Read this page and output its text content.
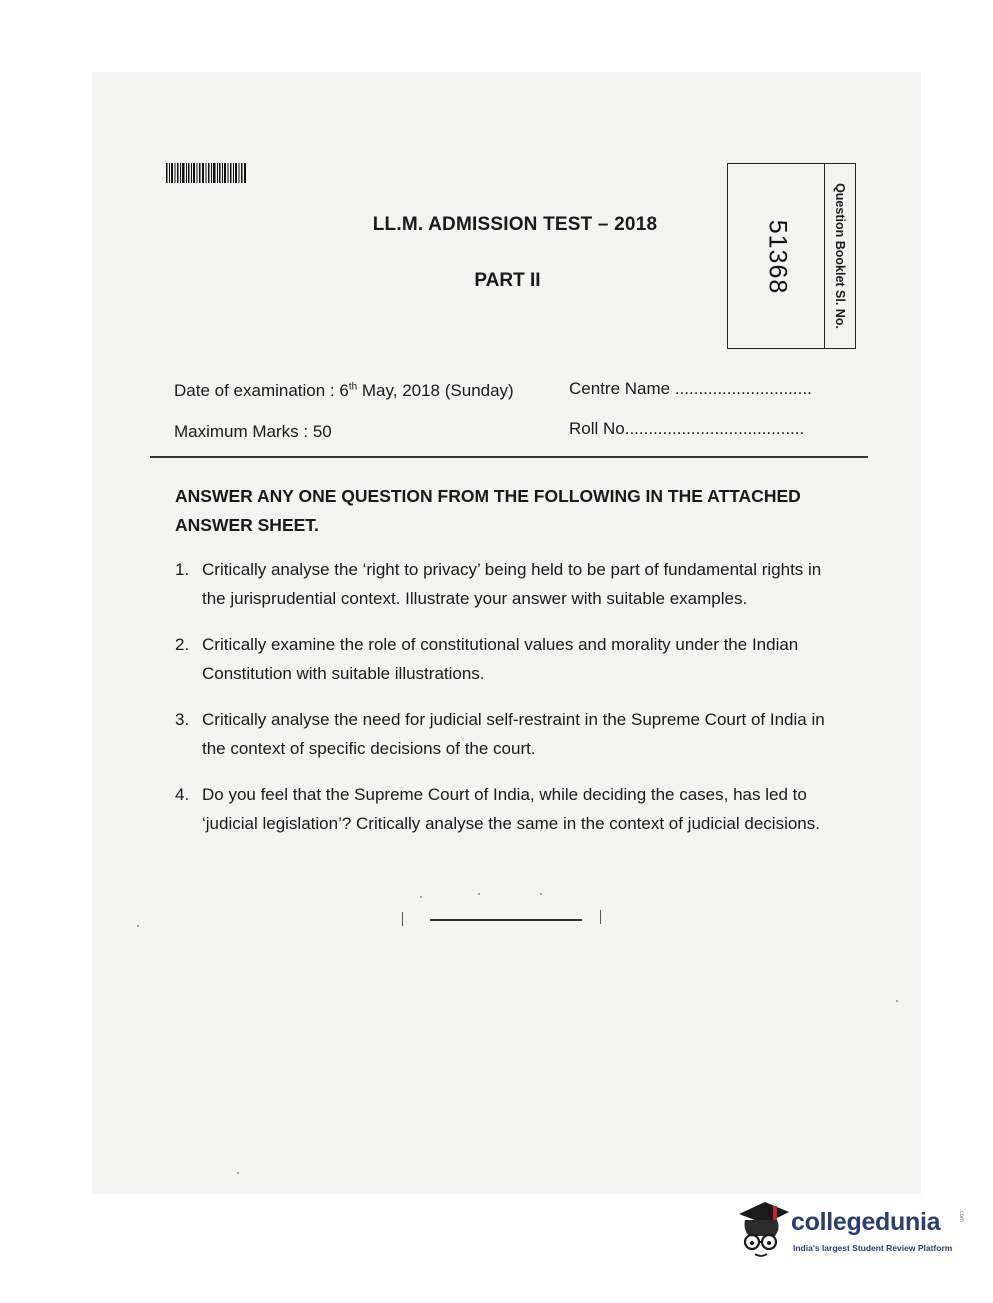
LL.M. ADMISSION TEST – 2018
PART II	51368	Question Booklet Sl. No.
Date of examination : 6th May, 2018 (Sunday)	Centre Name .............................
Maximum Marks : 50	Roll No......................................
ANSWER ANY ONE QUESTION FROM THE FOLLOWING IN THE ATTACHED ANSWER SHEET.
1. Critically analyse the ‘right to privacy’ being held to be part of fundamental rights in the jurisprudential context. Illustrate your answer with suitable examples.
2. Critically examine the role of constitutional values and morality under the Indian Constitution with suitable illustrations.
3. Critically analyse the need for judicial self-restraint in the Supreme Court of India in the context of specific decisions of the court.
4. Do you feel that the Supreme Court of India, while deciding the cases, has led to ‘judicial legislation’? Critically analyse the same in the context of judicial decisions.
collegedunia	.com
India's largest Student Review Platform
